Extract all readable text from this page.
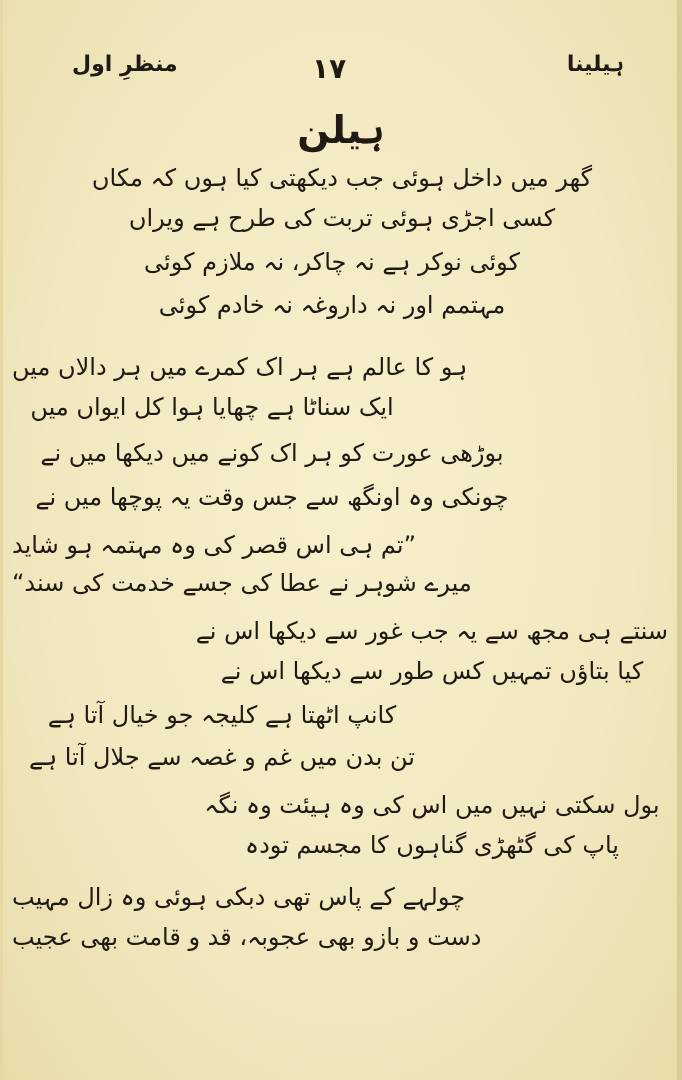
ہیلینا
۱۷
منظرِ اول
ہیلن
گھر میں داخل ہوئی جب دیکھتی کیا ہوں کہ مکاں
کسی اجڑی ہوئی تربت کی طرح ہے ویراں
کوئی نوکر ہے نہ چاکر، نہ ملازم کوئی
مہتمم اور نہ داروغہ نہ خادم کوئی
ہو کا عالم ہے ہر اک کمرے میں ہر دالاں میں
ایک سناٹا ہے چھایا ہوا کل ایواں میں
بوڑھی عورت کو ہر اک کونے میں دیکھا میں نے
چونکی وہ اونگھ سے جس وقت یہ پوچھا میں نے
”تم ہی اس قصر کی وہ مہتمہ ہو شاید
میرے شوہر نے عطا کی جسے خدمت کی سند“
سنتے ہی مجھ سے یہ جب غور سے دیکھا اس نے
کیا بتاؤں تمہیں کس طور سے دیکھا اس نے
کانپ اٹھتا ہے کلیجہ جو خیال آتا ہے
تن بدن میں غم و غصہ سے جلال آتا ہے
بول سکتی نہیں میں اس کی وہ ہیئت وہ نگہ
پاپ کی گٹھڑی گناہوں کا مجسم تودہ
چولہے کے پاس تھی دبکی ہوئی وہ زال مہیب
دست و بازو بھی عجوبہ، قد و قامت بھی عجیب
